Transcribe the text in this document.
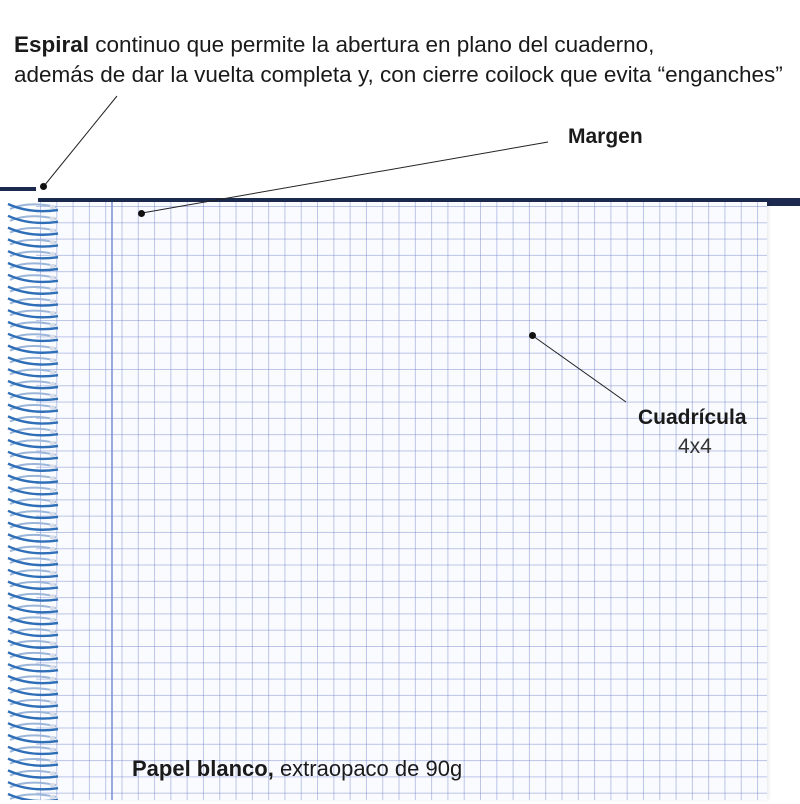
Espiral continuo que permite la abertura en plano del cuaderno,
además de dar la vuelta completa y, con cierre coilock que evita “enganches”
Margen
Cuadrícula
4x4
Papel blanco, extraopaco de 90g
